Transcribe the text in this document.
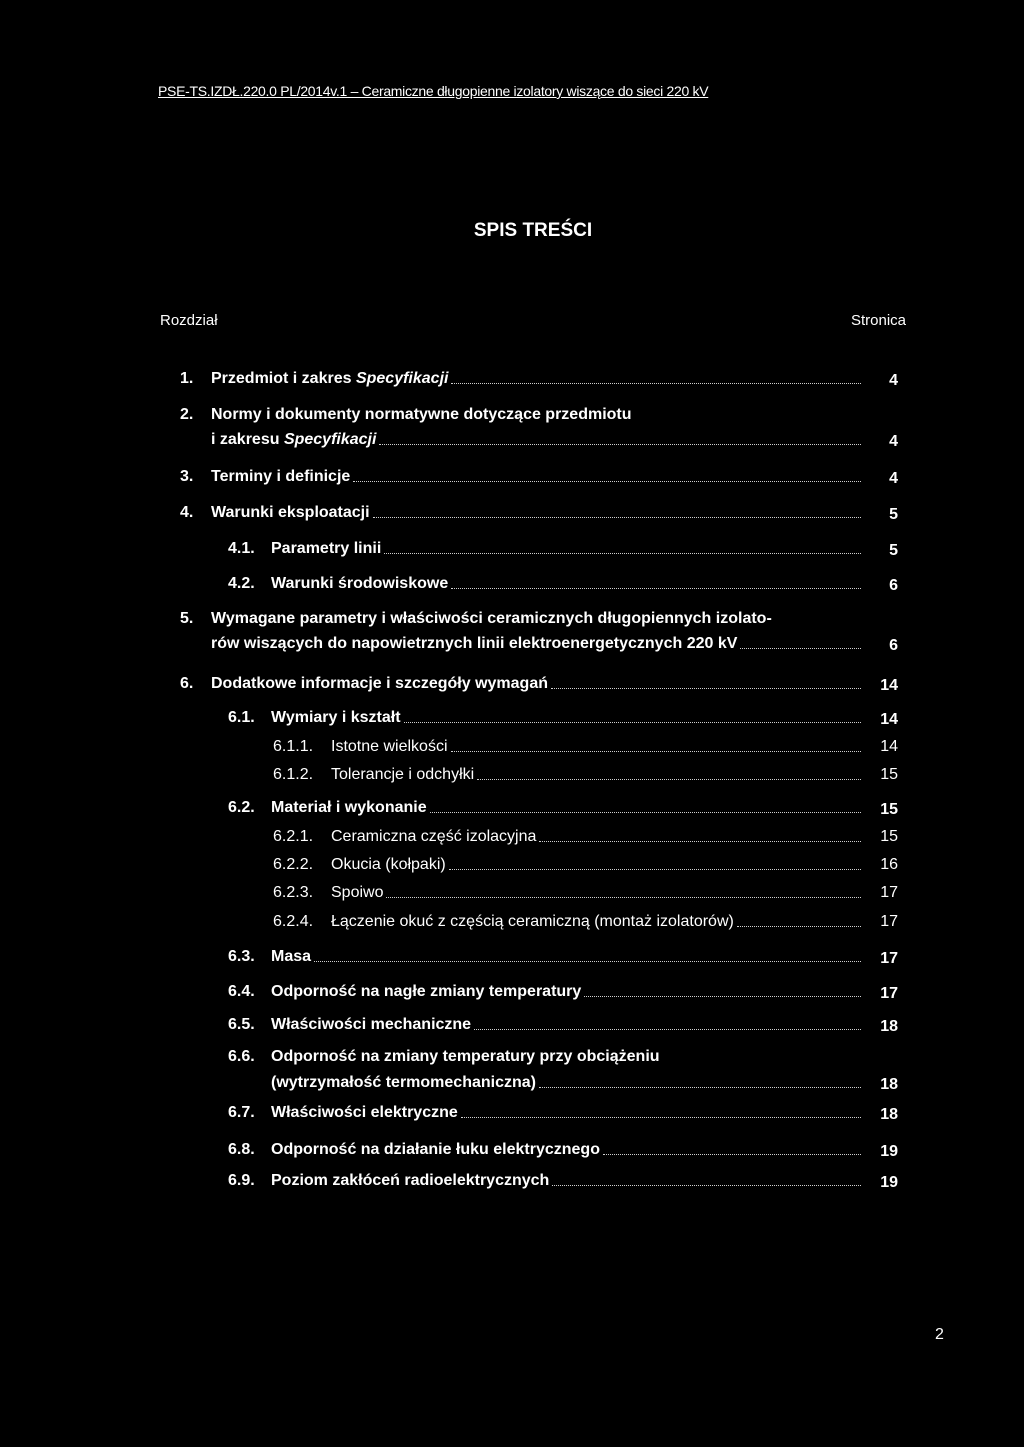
PSE-TS.IZDŁ.220.0 PL/2014v.1 – Ceramiczne długopienne izolatory wiszące do sieci 220 kV
SPIS TREŚCI
Rozdział	Stronica
1. Przedmiot i zakres Specyfikacji	4
2. Normy i dokumenty normatywne dotyczące przedmiotu
i zakresu Specyfikacji	4
3. Terminy i definicje	4
4. Warunki eksploatacji	5
4.1. Parametry linii	5
4.2. Warunki środowiskowe	6
5. Wymagane parametry i właściwości ceramicznych długopiennych izolato-
rów wiszących do napowietrznych linii elektroenergetycznych 220 kV	6
6. Dodatkowe informacje i szczegóły wymagań	14
6.1. Wymiary i kształt	14
6.1.1. Istotne wielkości	14
6.1.2. Tolerancje i odchyłki	15
6.2. Materiał i wykonanie	15
6.2.1. Ceramiczna część izolacyjna	15
6.2.2. Okucia (kołpaki)	16
6.2.3. Spoiwo	17
6.2.4. Łączenie okuć z częścią ceramiczną (montaż izolatorów)	17
6.3. Masa	17
6.4. Odporność na nagłe zmiany temperatury	17
6.5. Właściwości mechaniczne	18
6.6. Odporność na zmiany temperatury przy obciążeniu
(wytrzymałość termomechaniczna)	18
6.7. Właściwości elektryczne	18
6.8. Odporność na działanie łuku elektrycznego	19
6.9. Poziom zakłóceń radioelektrycznych	19
2
